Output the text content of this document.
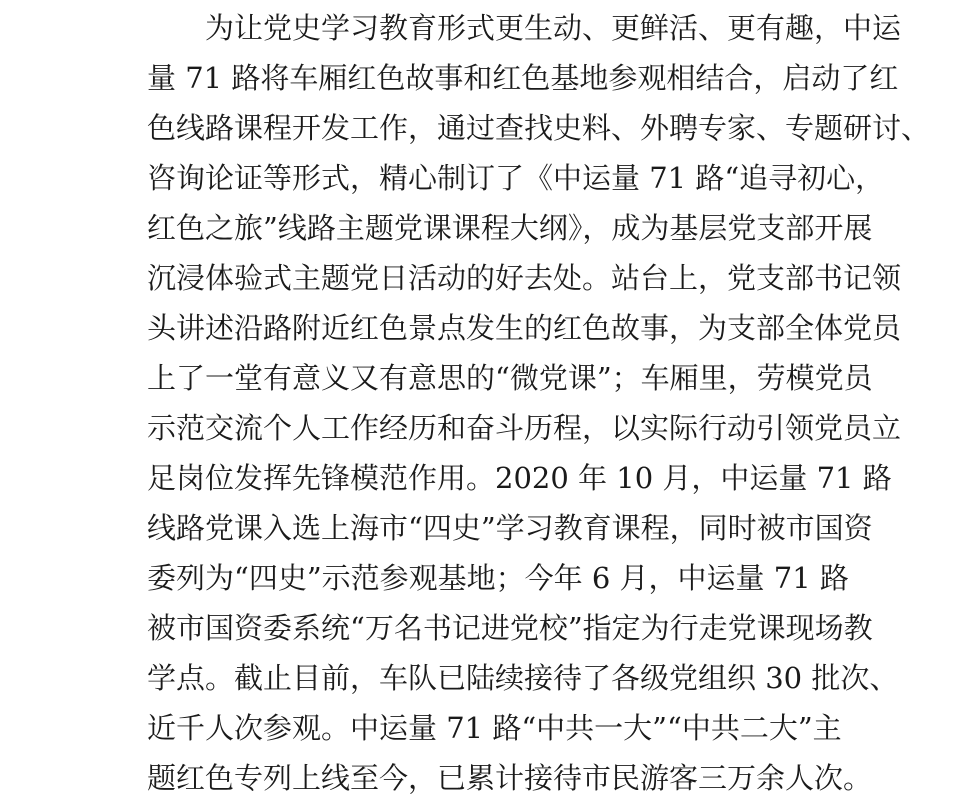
为让党史学习教育形式更生动、更鲜活、更有趣，中运

量 71 路将车厢红色故事和红色基地参观相结合，启动了红

色线路课程开发工作，通过查找史料、外聘专家、专题研讨、

咨询论证等形式，精心制订了《中运量 71 路“追寻初心，

红色之旅”线路主题党课课程大纲》，成为基层党支部开展

沉浸体验式主题党日活动的好去处。站台上，党支部书记领

头讲述沿路附近红色景点发生的红色故事，为支部全体党员

上了一堂有意义又有意思的“微党课”；车厢里，劳模党员

示范交流个人工作经历和奋斗历程，以实际行动引领党员立

足岗位发挥先锋模范作用。2020 年 10 月，中运量 71 路

线路党课入选上海市“四史”学习教育课程，同时被市国资

委列为“四史”示范参观基地；今年 6 月，中运量 71 路

被市国资委系统“万名书记进党校”指定为行走党课现场教

学点。截止目前，车队已陆续接待了各级党组织 30 批次、

近千人次参观。中运量 71 路“中共一大”“中共二大”主

题红色专列上线至今，已累计接待市民游客三万余人次。
